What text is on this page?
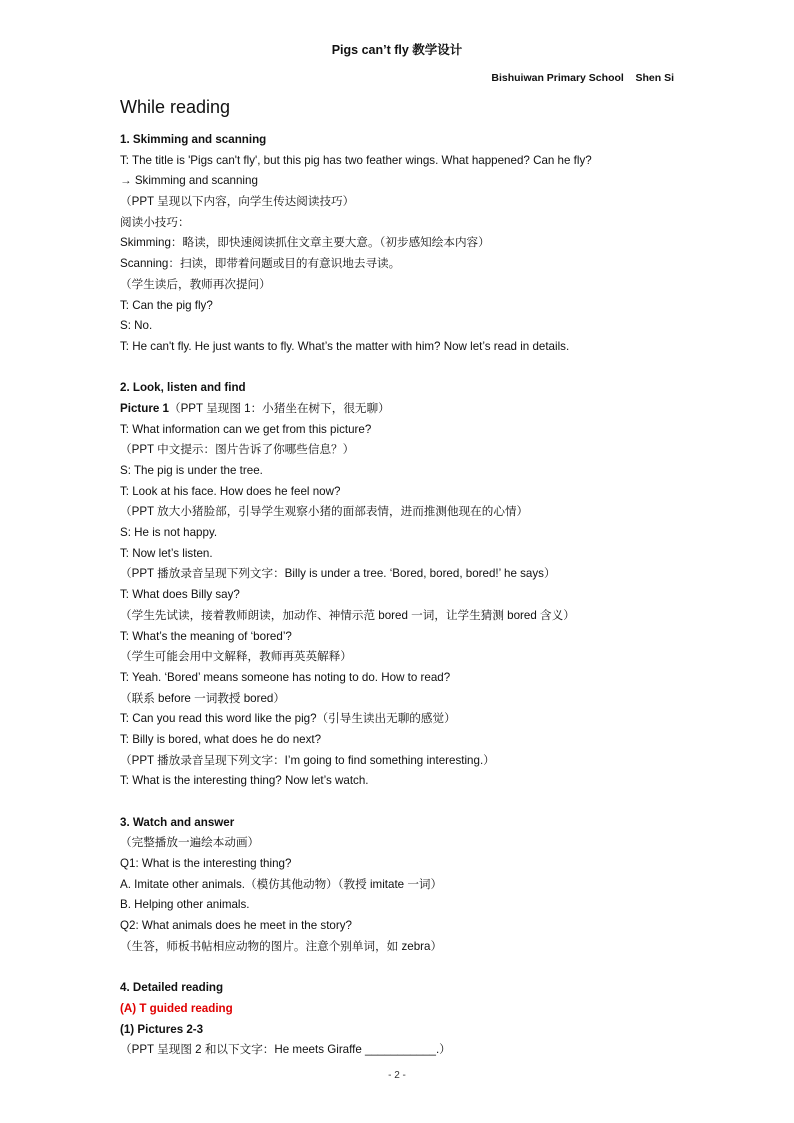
Pigs can’t fly 教学设计
Bishuiwan Primary School    Shen Si
While reading
1. Skimming and scanning
T: The title is 'Pigs can't fly', but this pig has two feather wings. What happened? Can he fly?
→ Skimming and scanning
（PPT 呈现以下内容，向学生传达阅读技巧）
阅读小技巧：
Skimming：略读，即快速阅读抓住文章主要大意。（初步感知绘本内容）
Scanning：扫读，即带着问题或目的有意识地去寻读。
（学生读后，教师再次提问）
T: Can the pig fly?
S: No.
T: He can't fly. He just wants to fly. What’s the matter with him? Now let’s read in details.
2. Look, listen and find
Picture 1（PPT 呈现图 1：小猪坐在树下，很无聊）
T: What information can we get from this picture?
（PPT 中文提示：图片告诉了你哪些信息？）
S: The pig is under the tree.
T: Look at his face. How does he feel now?
（PPT 放大小猪脸部，引导学生观察小猪的面部表情，进而推测他现在的心情）
S: He is not happy.
T: Now let’s listen.
（PPT 播放录音呈现下列文字：Billy is under a tree. ‘Bored, bored, bored!’ he says）
T: What does Billy say?
（学生先试读，接着教师朗读，加动作、神情示范 bored 一词，让学生猜测 bored 含义）
T: What’s the meaning of ‘bored’?
（学生可能会用中文解释，教师再英英解释）
T: Yeah. ‘Bored’ means someone has noting to do. How to read?
（联系 before 一词教授 bored）
T: Can you read this word like the pig?（引导生读出无聊的感觉）
T: Billy is bored, what does he do next?
（PPT 播放录音呈现下列文字：I’m going to find something interesting.）
T: What is the interesting thing? Now let’s watch.
3. Watch and answer
（完整播放一遍绘本动画）
Q1: What is the interesting thing?
A. Imitate other animals.（模仿其他动物）（教授 imitate 一词）
B. Helping other animals.
Q2: What animals does he meet in the story?
（生答，师板书帖相应动物的图片。注意个别单词，如 zebra）
4. Detailed reading
(A) T guided reading
(1) Pictures 2-3
（PPT 呈现图 2 和以下文字：He meets Giraffe ___________.）
- 2 -
